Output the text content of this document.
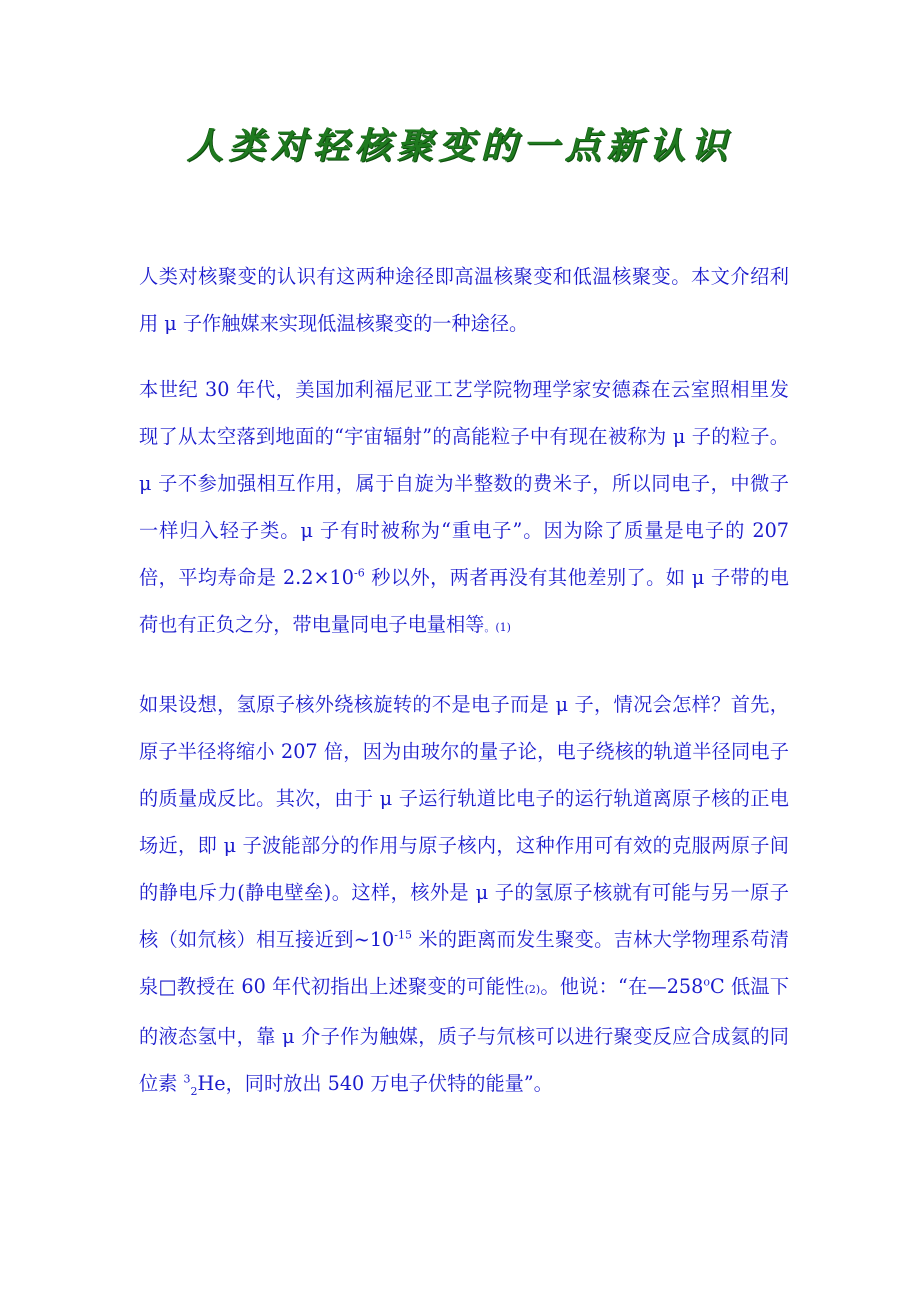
人类对轻核聚变的一点新认识

人类对核聚变的认识有这两种途径即高温核聚变和低温核聚变。本文介绍利用 μ 子作触媒来实现低温核聚变的一种途径。

本世纪 30 年代，美国加利福尼亚工艺学院物理学家安德森在云室照相里发现了从太空落到地面的“宇宙辐射”的高能粒子中有现在被称为 μ 子的粒子。μ 子不参加强相互作用，属于自旋为半整数的费米子，所以同电子，中微子一样归入轻子类。μ 子有时被称为“重电子”。因为除了质量是电子的 207 倍，平均寿命是 $2.2\times 10^{-6}$ 秒以外，两者再没有其他差别了。如 μ 子带的电荷也有正负之分，带电量同电子电量相等。(1)

如果设想，氢原子核外绕核旋转的不是电子而是 μ 子，情况会怎样？首先，原子半径将缩小 207 倍，因为由玻尔的量子论，电子绕核的轨道半径同电子的质量成反比。其次，由于 μ 子运行轨道比电子的运行轨道离原子核的正电场近，即 μ 子波能部分的作用与原子核内，这种作用可有效的克服两原子间的静电斥力(静电壁垒)。这样，核外是 μ 子的氢原子核就有可能与另一原子核（如氘核）相互接近到$\sim 10^{-15}$ 米的距离而发生聚变。吉林大学物理系苟清泉□教授在 60 年代初指出上述聚变的可能性(2)。他说：“在—258$^o$C 低温下的液态氢中，靠 μ 介子作为触媒，质子与氘核可以进行聚变反应合成氦的同位素 $^3_2$He，同时放出 540 万电子伏特的能量”。
